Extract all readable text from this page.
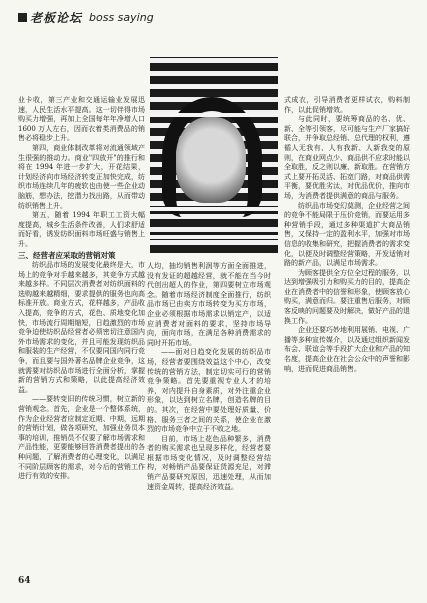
老板论坛 boss saying

业卡收，第三产业和交通运输业发展迅速，人民生活水平提高。这一切伴得市场购买力增强，再加上全国每年年净增人口 1600 万人左右，因而衣着类消费品的销售必将稳步上升。

第四，商业体制改革将对流通领域产生很强的推动力。商业"四放开"的推行和将在 1994 年进一步扩大，开花结果，计划经济向市场经济转变正加快完成，纺织市场连续几年的疲软也由使一些企业动脑筋，想办法，挖潜力找出路，从而带动纺织销售上升。

第五，随着 1994 年职工工资大幅度提高，城乡生活条件改善，人们求舒适而好看，诱发纺织面料市场旺盛与销售上升。

三、经营者应采取的营销对策

纺织品市场的发展变化最终是大，市场上的竞争对手越来越多，其竞争方式越来越多样。不同层次消费者对纺织面料的选购越来越精细，要求提供的服务也向高标准开放。商业方式，花样越多，产品收入提高，竞争的方式，花色、质地变化加快，市场流行周期缩短，日趋激烈的市场竞争迫使纺织品经营者必须密切注意国内外市场需求的变化，并且可能发现纺织品和服装的生产经营，不仅要同国内同行竞争，而且要与国外著名品牌企业竞争，这就需要对纺织品市场进行全面分析，掌握新的营销方式和策略，以此提高经济效益。

——要转变旧的传统习惯，树立新的营销观念。首先，企业是一个整体系统，作为企业经营者应制定近期、中期，远期的营销计划，做各项研究，加强业务员本事的培训，推销员不仅要了解市场需求和产品性能，更要能够回答消费者提出的各种问题，了解消费者的心理变化，以满足不同阶层顾客的需求，对今后的营销工作进行有效的安排。

人均，抽均销售利润等方面全面推进，没有发证的超越经营，就不能在当今时代创出超人的作业，第四要树立市场观念。随着市场经济制度全面推行，纺织品市场已由卖方市场转变为买方市场，企业必须根据市场需求以销定产，以适应消费者对面料的要求，坚持市场导向，面向市场，在满足各种消费需求的同时开拓市场。

——面对日趋变化发展的纺织品市场，经营者要围绕效益这个中心，改变传统的营销方法，制定切实可行的营销竞争策略。首先要重视专业人才的培养，对内提升自身素质，对外注重企业形象，以达到树立名牌，创造名牌的目的。其次，在经营中要处理好质量、价格、服务三者之间的关系，使企业在激烈的市场竞争中立于不败之地。

目前，市场上花色品种繁多，消费者的购买需求也呈现多样化，经营者要根据市场变化情况，及时调整经营结构，对畅销产品要保证货源充足，对滞销产品要研究原因，迅速处理，从而加速资金周转，提高经济效益。

式成衣，引导消费者更样试衣，购料制作，以此促销增效。

与此同时，要统筹商品的名、优、新、全等引领客，尽可能与生产厂家搞好联合，并争取总经销、总代理的权利，遵循人无我有、人有我新、人新我变的原则，在商业网点少、商品供不应求时能以全取胜，反之则以廉、新取胜。在营销方式上要开拓灵活、拓宽门路，对商品供需平衡，要优胜劣汰，对优品优价，推向市场，为消费者提供满意的商品与服务。

纺织品市场变幻莫测，企业经营之间的竞争不能局限于压价竞销，而要运用多种营销手段，通过多种渠道扩大商品销售，又保持一定的盈利水平，加强对市场信息的收集和研究，把握消费者的需求变化，以便及时调整经营策略，开发适销对路的新产品，以满足市场需求。

为顾客提供全方位全过程的服务，以达到增强吸引力和购买力的目的，提高企业在消费者中的信誉和形象，使顾客放心购买，满意而归。要注重售后服务，对顾客反映的问题要及时解决，做好产品的退换工作。

企业还要巧妙地利用展销、电视、广播等多种宣传媒介，以及通过组织新闻发布会、联谊会等手段扩大企业和产品的知名度，提高企业在社会公众中的声誉和影响，进而促进商品销售。

64
